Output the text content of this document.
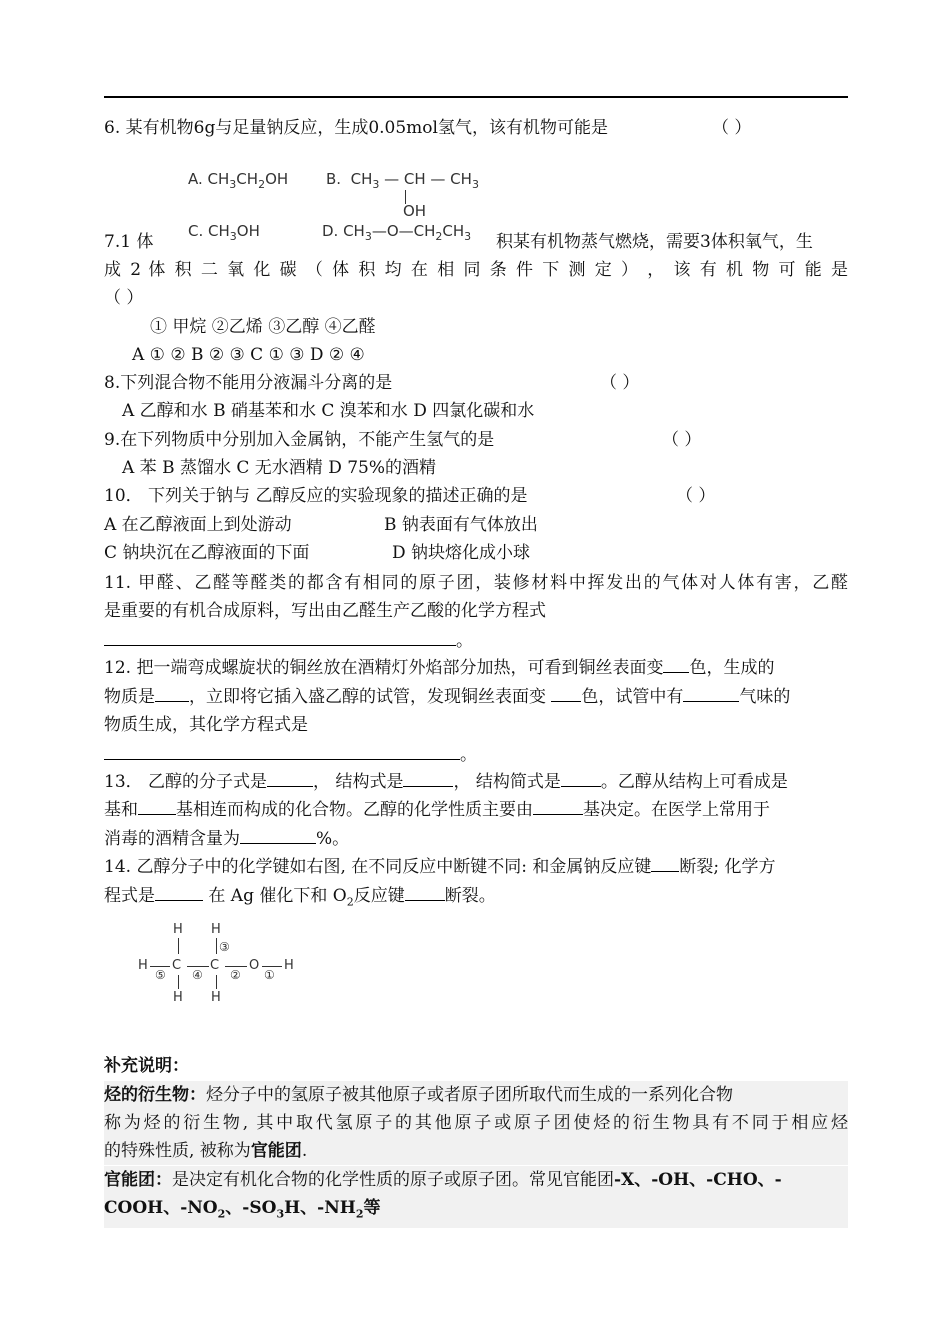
6. 某有机物6g与足量钠反应，生成0.05mol氢气，该有机物可能是	（ ）
A. $CH_3CH_2OH$	B.  $CH_3$ — CH — $CH_3$
OH
C. $CH_3OH$	D. $CH_3—O—CH_2CH_3$
7.1 体	积某有机物蒸气燃烧，需要3体积氧气，生
成 2 体 积 二 氧 化 碳 （ 体 积 均 在 相 同 条 件 下 测 定 ） ， 该 有 机 物 可 能 是
（ ）
① 甲烷 ②乙烯 ③乙醇 ④乙醛
A ① ② B ② ③ C ① ③ D ② ④
8.下列混合物不能用分液漏斗分离的是	（ ）
A 乙醇和水 B 硝基苯和水 C 溴苯和水 D 四氯化碳和水
9.在下列物质中分别加入金属钠，不能产生氢气的是	（ ）
A 苯 B 蒸馏水 C 无水酒精 D 75%的酒精
10． 下列关于钠与 乙醇反应的实验现象的描述正确的是	（ ）
A 在乙醇液面上到处游动	B 钠表面有气体放出
C 钠块沉在乙醇液面的下面	D 钠块熔化成小球
11. 甲醛、乙醛等醛类的都含有相同的原子团，装修材料中挥发出的气体对人体有害，乙醛
是重要的有机合成原料，写出由乙醛生产乙酸的化学方程式
。
12. 把一端弯成螺旋状的铜丝放在酒精灯外焰部分加热，可看到铜丝表面变 色，生成的
物质是 ，立即将它插入盛乙醇的试管，发现铜丝表面变 色，试管中有	气味的
物质生成，其化学方程式是
。
13． 乙醇的分子式是	， 结构式是	， 结构简式是 。乙醇从结构上可看成是
基和 基相连而构成的化合物。乙醇的化学性质主要由	基决定。在医学上常用于
消毒的酒精含量为	%。
14. 乙醇分子中的化学键如右图, 在不同反应中断键不同: 和金属钠反应键 断裂; 化学方
程式是	在 Ag 催化下和 $O_2$反应键 断裂。
H H
③
H C C O H
⑤ ④ ② ①
H H
补充说明：
烃的衍生物：烃分子中的氢原子被其他原子或者原子团所取代而生成的一系列化合物
称为烃的衍生物, 其中取代氢原子的其他原子或原子团使烃的衍生物具有不同于相应烃
的特殊性质, 被称为官能团.
官能团：是决定有机化合物的化学性质的原子或原子团。常见官能团-X、-OH、-CHO、-
COOH、$-NO_2$、$-SO_3H$、$-NH_2$等
